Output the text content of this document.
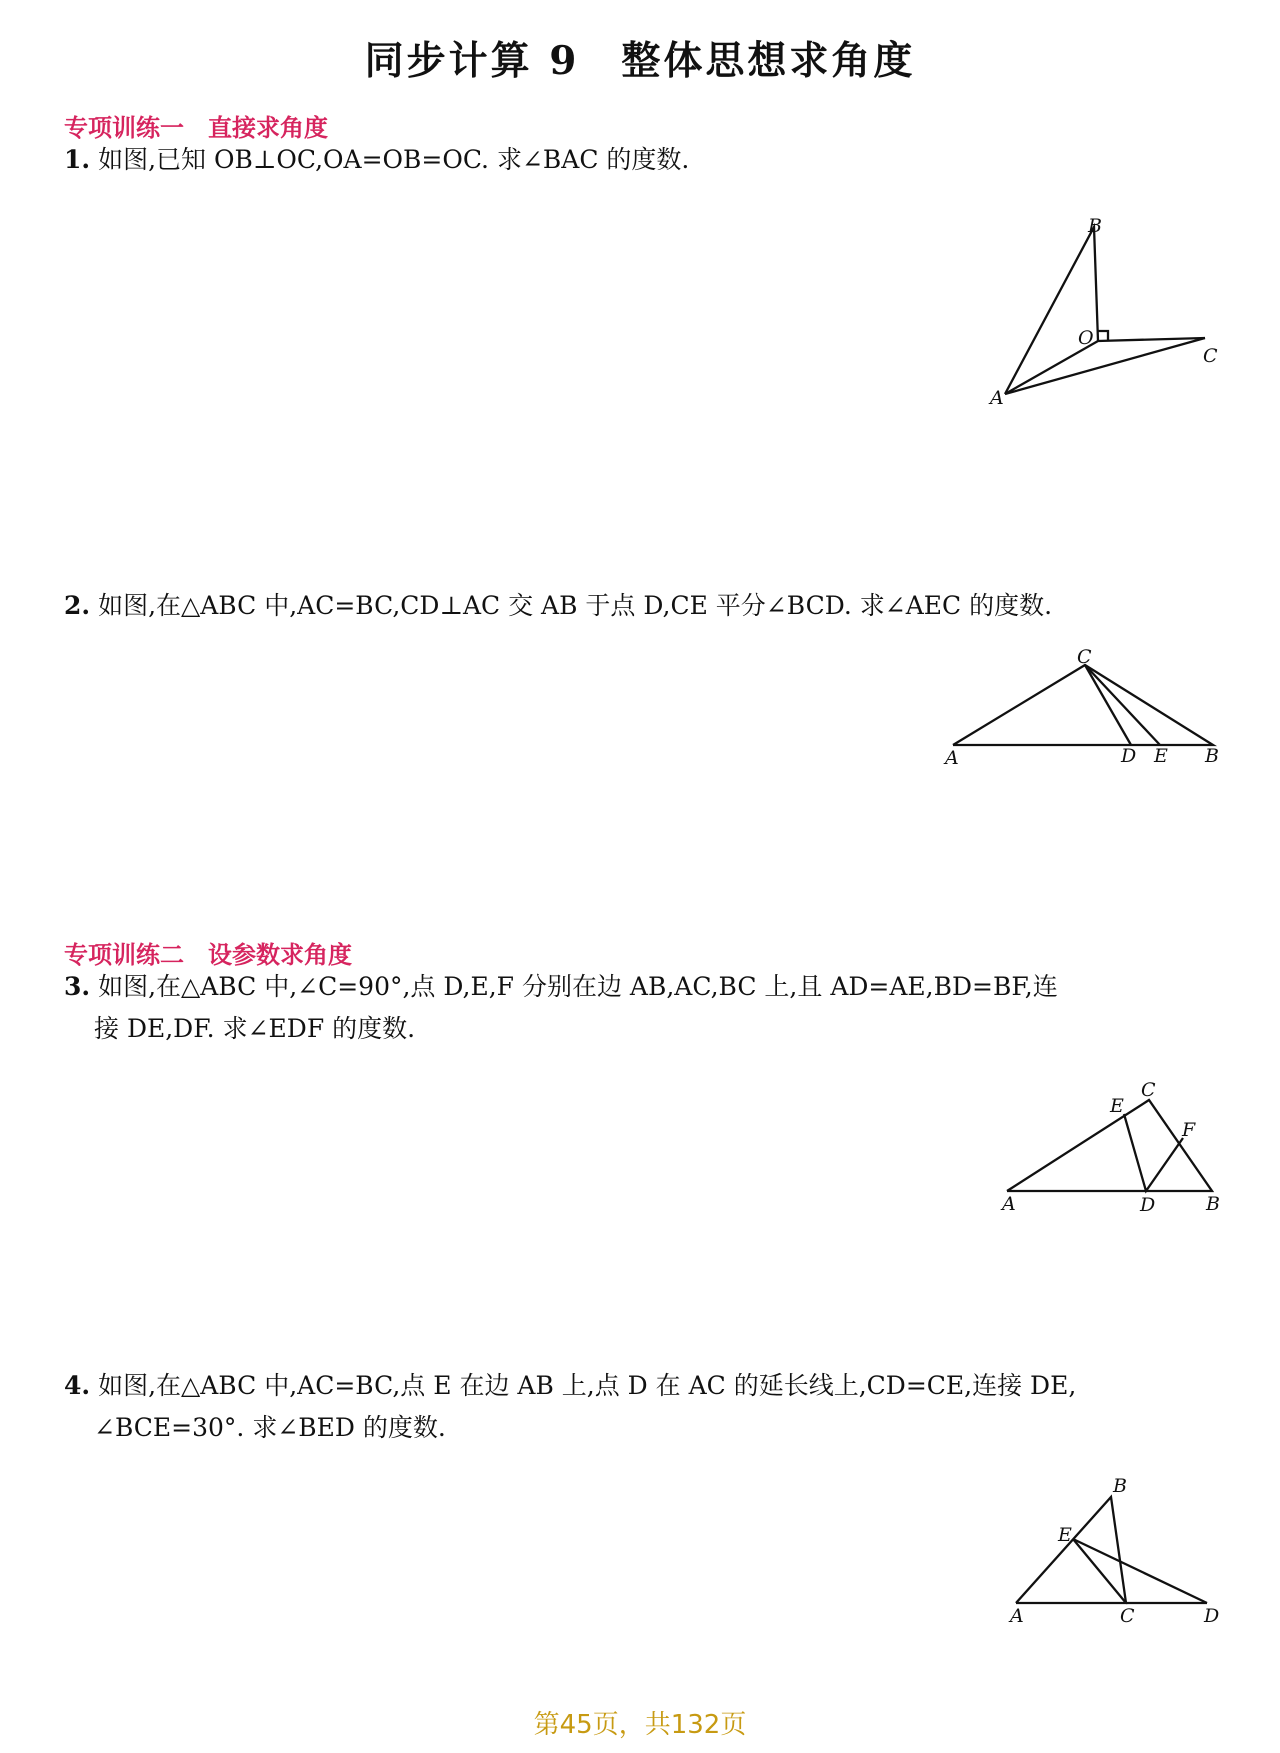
同步计算 9　整体思想求角度
专项训练一　直接求角度
1. 如图,已知 OB⊥OC,OA=OB=OC. 求∠BAC 的度数.
B
O
C
A
C
A	D E B
C
E
F
A	D	B
B
E
A	C	D
2. 如图,在△ABC 中,AC=BC,CD⊥AC 交 AB 于点 D,CE 平分∠BCD. 求∠AEC 的度数.
专项训练二　设参数求角度
3. 如图,在△ABC 中,∠C=90°,点 D,E,F 分别在边 AB,AC,BC 上,且 AD=AE,BD=BF,连
接 DE,DF. 求∠EDF 的度数.
4. 如图,在△ABC 中,AC=BC,点 E 在边 AB 上,点 D 在 AC 的延长线上,CD=CE,连接 DE,
∠BCE=30°. 求∠BED 的度数.
第45页，共132页
